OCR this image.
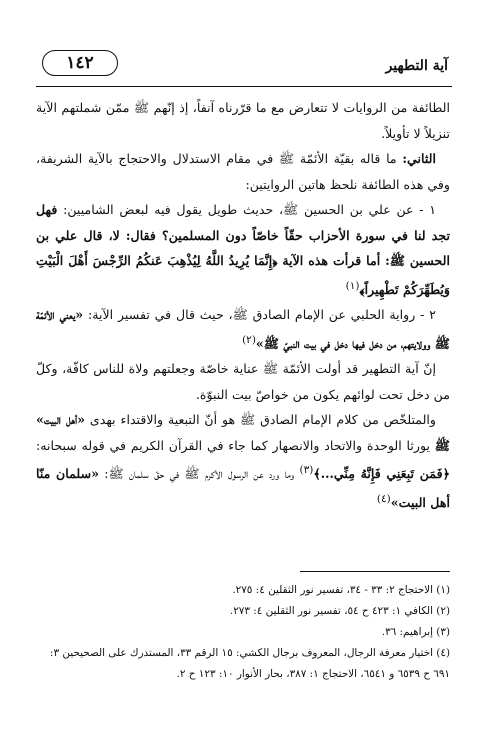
آية التطهير
١٤٢

الطائفة من الروايات لا تتعارض مع ما قرّرناه آنفاً، إذ إنّهم ﷺ ممّن شملتهم الآية تنزيلاً لا تأويلاً.

الثاني: ما قاله بقيّة الأئمّة ﷺ في مقام الاستدلال والاحتجاج بالآية الشريفة، وفي هذه الطائفة نلحظ هاتين الروايتين:

١ - عن علي بن الحسين ﷺ، حديث طويل يقول فيه لبعض الشاميين: فهل تجد لنا في سورة الأحزاب حقّاً خاصّاً دون المسلمين؟ فقال: لا، قال علي بن الحسين ﷺ: أما قرأت هذه الآية ﴿إِنَّمَا يُرِيدُ اللَّهُ لِيُذْهِبَ عَنكُمُ الرِّجْسَ أَهْلَ الْبَيْتِ وَيُطَهِّرَكُمْ تَطْهِيراً﴾$^{(١)}$

٢ - رواية الحلبي عن الإمام الصادق ﷺ، حيث قال في تفسير الآية: «يعني الأئمّة ﷺ وولايتهم، من دخل فيها دخل في بيت النبيّ ﷺ»$^{(٢)}$

إنّ آية التطهير قد أولت الأئمّة ﷺ عناية خاصّة وجعلتهم ولاة للناس كافّة، وكلّ من دخل تحت لوائهم يكون من خواصّ بيت النبوّة.

والمتلخّص من كلام الإمام الصادق ﷺ هو أنّ التبعية والاقتداء بهدى «أهل البيت» ﷺ يورثا الوحدة والاتحاد والانصهار كما جاء في القرآن الكريم في قوله سبحانه: ﴿فَمَن تَبِعَنِي فَإِنَّهُ مِنِّي...﴾$^{(٣)}$ وما ورد عن الرسول الأكرم ﷺ في حقّ سلمان ﷺ: «سلمان منّا أهل البيت»$^{(٤)}$

(١) الاحتجاج ٢: ٣٣ - ٣٤، تفسير نور الثقلين ٤: ٢٧٥.

(٢) الكافي ١: ٤٢٣ ح ٥٤، تفسير نور الثقلين ٤: ٢٧٣.

(٣) إبراهيم: ٣٦.

(٤) اختيار معرفة الرجال، المعروف برجال الكشي: ١٥ الرقم ٣٣، المستدرك على الصحيحين ٣: ٦٩١ ح ٦٥٣٩ و ٦٥٤١، الاحتجاج ١: ٣٨٧، بحار الأنوار ١٠: ١٢٣ ح ٢.
